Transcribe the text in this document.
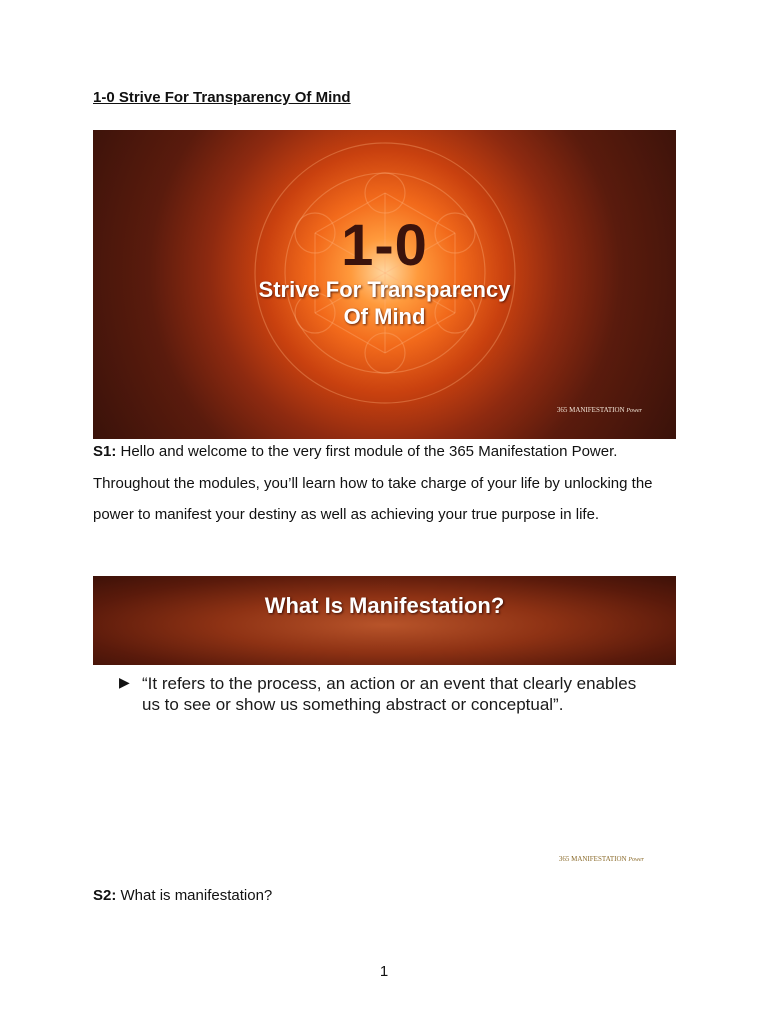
1-0 Strive For Transparency Of Mind
1-0
Strive For Transparency Of Mind
365 MANIFESTATION Power
S1: Hello and welcome to the very first module of the 365 Manifestation Power. Throughout the modules, you’ll learn how to take charge of your life by unlocking the power to manifest your destiny as well as achieving your true purpose in life.
What Is Manifestation?
▶ “It refers to the process, an action or an event that clearly enables us to see or show us something abstract or conceptual”.
365 MANIFESTATION Power
S2: What is manifestation?
1
